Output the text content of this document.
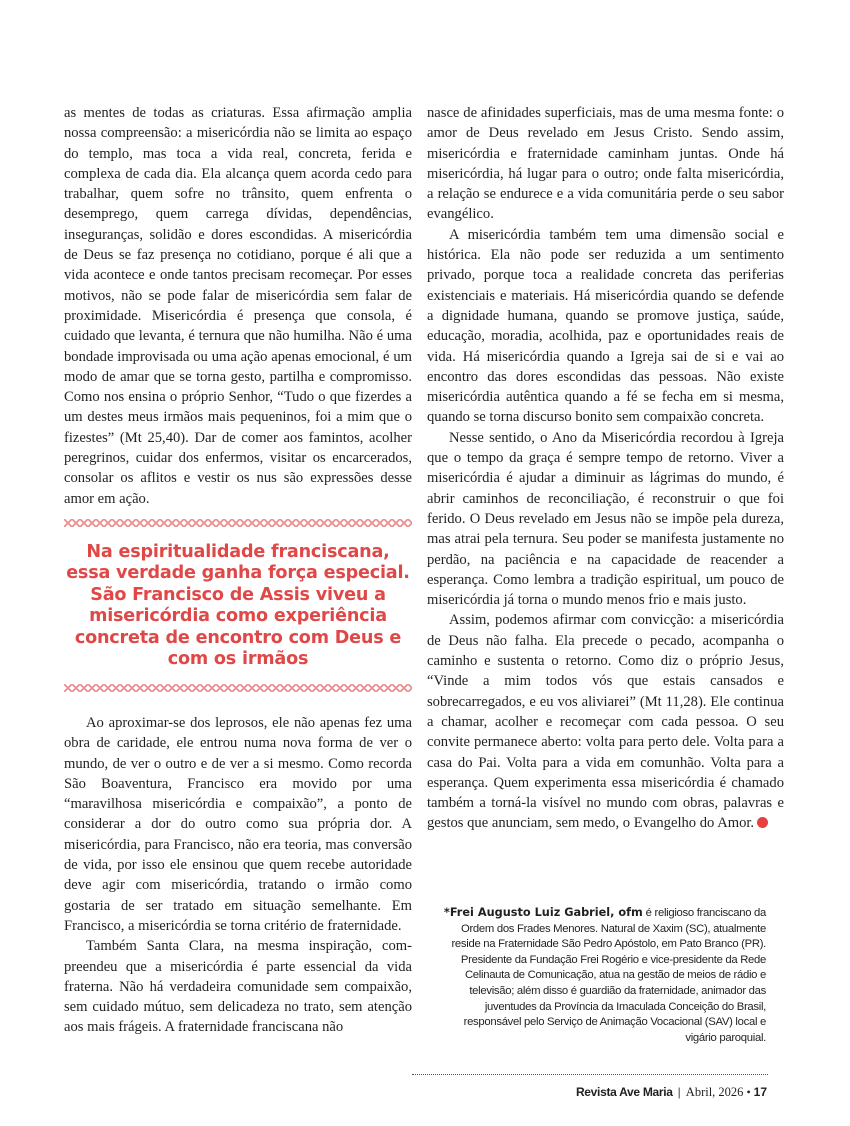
as mentes de todas as criaturas. Essa afirmação amplia nossa compreensão: a misericórdia não se limita ao espaço do templo, mas toca a vida real, concreta, ferida e complexa de cada dia. Ela alcança quem acorda cedo para trabalhar, quem sofre no trânsito, quem enfrenta o desemprego, quem carrega dívidas, dependências, inseguranças, solidão e dores escondidas. A misericórdia de Deus se faz presença no cotidiano, porque é ali que a vida acontece e onde tantos precisam recomeçar. Por esses motivos, não se pode falar de misericórdia sem falar de proximidade. Misericórdia é presença que consola, é cuidado que levanta, é ternura que não humilha. Não é uma bondade improvisada ou uma ação apenas emocional, é um modo de amar que se torna gesto, partilha e compromisso. Como nos ensina o próprio Senhor, “Tudo o que fizerdes a um destes meus irmãos mais pequeninos, foi a mim que o fizestes” (Mt 25,40). Dar de comer aos famintos, acolher peregrinos, cuidar dos enfermos, visitar os encarcerados, consolar os aflitos e vestir os nus são expressões desse amor em ação.

Na espiritualidade franciscana, essa verdade ganha força especial. São Francisco de Assis viveu a misericórdia como experiência concreta de encontro com Deus e com os irmãos

Ao aproximar-se dos leprosos, ele não apenas fez uma obra de caridade, ele entrou numa nova forma de ver o mundo, de ver o outro e de ver a si mesmo. Como recorda São Boaventura, Francisco era movido por uma “maravilhosa misericórdia e compaixão”, a ponto de considerar a dor do outro como sua própria dor. A misericórdia, para Francisco, não era teoria, mas conversão de vida, por isso ele ensinou que quem recebe autoridade deve agir com misericórdia, tratando o irmão como gostaria de ser tratado em situação semelhante. Em Francisco, a misericórdia se torna critério de fraternidade.

Também Santa Clara, na mesma inspiração, compreendeu que a misericórdia é parte essencial da vida fraterna. Não há verdadeira comunidade sem compaixão, sem cuidado mútuo, sem delicadeza no trato, sem atenção aos mais frágeis. A fraternidade franciscana não

nasce de afinidades superficiais, mas de uma mesma fonte: o amor de Deus revelado em Jesus Cristo. Sendo assim, misericórdia e fraternidade caminham juntas. Onde há misericórdia, há lugar para o outro; onde falta misericórdia, a relação se endurece e a vida comunitária perde o seu sabor evangélico.

A misericórdia também tem uma dimensão social e histórica. Ela não pode ser reduzida a um sentimento privado, porque toca a realidade concreta das periferias existenciais e materiais. Há misericórdia quando se defende a dignidade humana, quando se promove justiça, saúde, educação, moradia, acolhida, paz e oportunidades reais de vida. Há misericórdia quando a Igreja sai de si e vai ao encontro das dores escondidas das pessoas. Não existe misericórdia autêntica quando a fé se fecha em si mesma, quando se torna discurso bonito sem compaixão concreta.

Nesse sentido, o Ano da Misericórdia recordou à Igreja que o tempo da graça é sempre tempo de retorno. Viver a misericórdia é ajudar a diminuir as lágrimas do mundo, é abrir caminhos de reconciliação, é reconstruir o que foi ferido. O Deus revelado em Jesus não se impõe pela dureza, mas atrai pela ternura. Seu poder se manifesta justamente no perdão, na paciência e na capacidade de reacender a esperança. Como lembra a tradição espiritual, um pouco de misericórdia já torna o mundo menos frio e mais justo.

Assim, podemos afirmar com convicção: a misericórdia de Deus não falha. Ela precede o pecado, acompanha o caminho e sustenta o retorno. Como diz o próprio Jesus, “Vinde a mim todos vós que estais cansados e sobrecarregados, e eu vos aliviarei” (Mt 11,28). Ele continua a chamar, acolher e recomeçar com cada pessoa. O seu convite permanece aberto: volta para perto dele. Volta para a casa do Pai. Volta para a vida em comunhão. Volta para a esperança. Quem experimenta essa misericórdia é chamado também a torná-la visível no mundo com obras, palavras e gestos que anunciam, sem medo, o Evangelho do Amor.

*Frei Augusto Luiz Gabriel, ofm é religioso franciscano da Ordem dos Frades Menores. Natural de Xaxim (SC), atualmente reside na Fraternidade São Pedro Apóstolo, em Pato Branco (PR). Presidente da Fundação Frei Rogério e vice-presidente da Rede Celinauta de Comunicação, atua na gestão de meios de rádio e televisão; além disso é guardião da fraternidade, animador das juventudes da Província da Imaculada Conceição do Brasil, responsável pelo Serviço de Animação Vocacional (SAV) local e vigário paroquial.
Revista Ave Maria | Abril, 2026 • 17
